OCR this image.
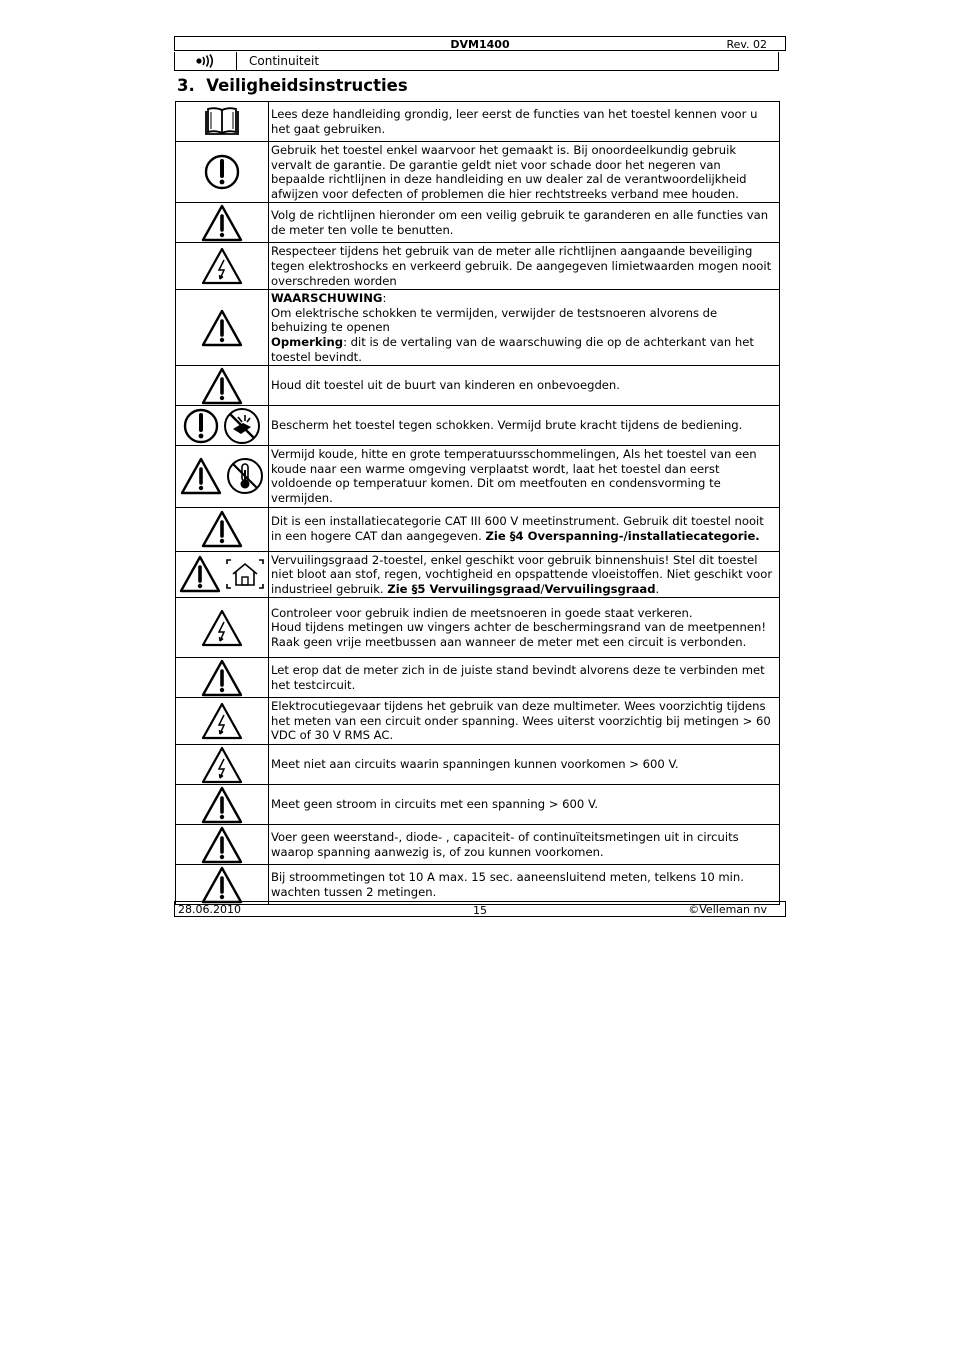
DVM1400	Rev. 02
Continuiteit
3. Veiligheidsinstructies
	Lees deze handleiding grondig, leer eerst de functies van het toestel kennen voor u het gaat gebruiken.

	Gebruik het toestel enkel waarvoor het gemaakt is. Bij onoordeelkundig gebruik vervalt de garantie. De garantie geldt niet voor schade door het negeren van bepaalde richtlijnen in deze handleiding en uw dealer zal de verantwoordelijkheid afwijzen voor defecten of problemen die hier rechtstreeks verband mee houden.

	Volg de richtlijnen hieronder om een veilig gebruik te garanderen en alle functies van de meter ten volle te benutten.

	Respecteer tijdens het gebruik van de meter alle richtlijnen aangaande beveiliging tegen elektroshocks en verkeerd gebruik. De aangegeven limietwaarden mogen nooit overschreden worden

	WAARSCHUWING:
Om elektrische schokken te vermijden, verwijder de testsnoeren alvorens de behuizing te openen
Opmerking: dit is de vertaling van de waarschuwing die op de achterkant van het toestel bevindt.

	Houd dit toestel uit de buurt van kinderen en onbevoegden.

	Bescherm het toestel tegen schokken. Vermijd brute kracht tijdens de bediening.

	Vermijd koude, hitte en grote temperatuursschommelingen, Als het toestel van een koude naar een warme omgeving verplaatst wordt, laat het toestel dan eerst voldoende op temperatuur komen. Dit om meetfouten en condensvorming te vermijden.

	Dit is een installatiecategorie CAT III 600 V meetinstrument. Gebruik dit toestel nooit in een hogere CAT dan aangegeven. Zie §4 Overspanning-/installatiecategorie.

	Vervuilingsgraad 2-toestel, enkel geschikt voor gebruik binnenshuis! Stel dit toestel niet bloot aan stof, regen, vochtigheid en opspattende vloeistoffen. Niet geschikt voor industrieel gebruik. Zie §5 Vervuilingsgraad/Vervuilingsgraad.

	Controleer voor gebruik indien de meetsnoeren in goede staat verkeren.
Houd tijdens metingen uw vingers achter de beschermingsrand van de meetpennen! Raak geen vrije meetbussen aan wanneer de meter met een circuit is verbonden.

	Let erop dat de meter zich in de juiste stand bevindt alvorens deze te verbinden met het testcircuit.

	Elektrocutiegevaar tijdens het gebruik van deze multimeter. Wees voorzichtig tijdens het meten van een circuit onder spanning. Wees uiterst voorzichtig bij metingen > 60 VDC of 30 V RMS AC.

	Meet niet aan circuits waarin spanningen kunnen voorkomen > 600 V.

	Meet geen stroom in circuits met een spanning > 600 V.

	Voer geen weerstand-, diode- , capaciteit- of continuïteitsmetingen uit in circuits waarop spanning aanwezig is, of zou kunnen voorkomen.

	Bij stroommetingen tot 10 A max. 15 sec. aaneensluitend meten, telkens 10 min. wachten tussen 2 metingen.
28.06.2010	15	©Velleman nv
